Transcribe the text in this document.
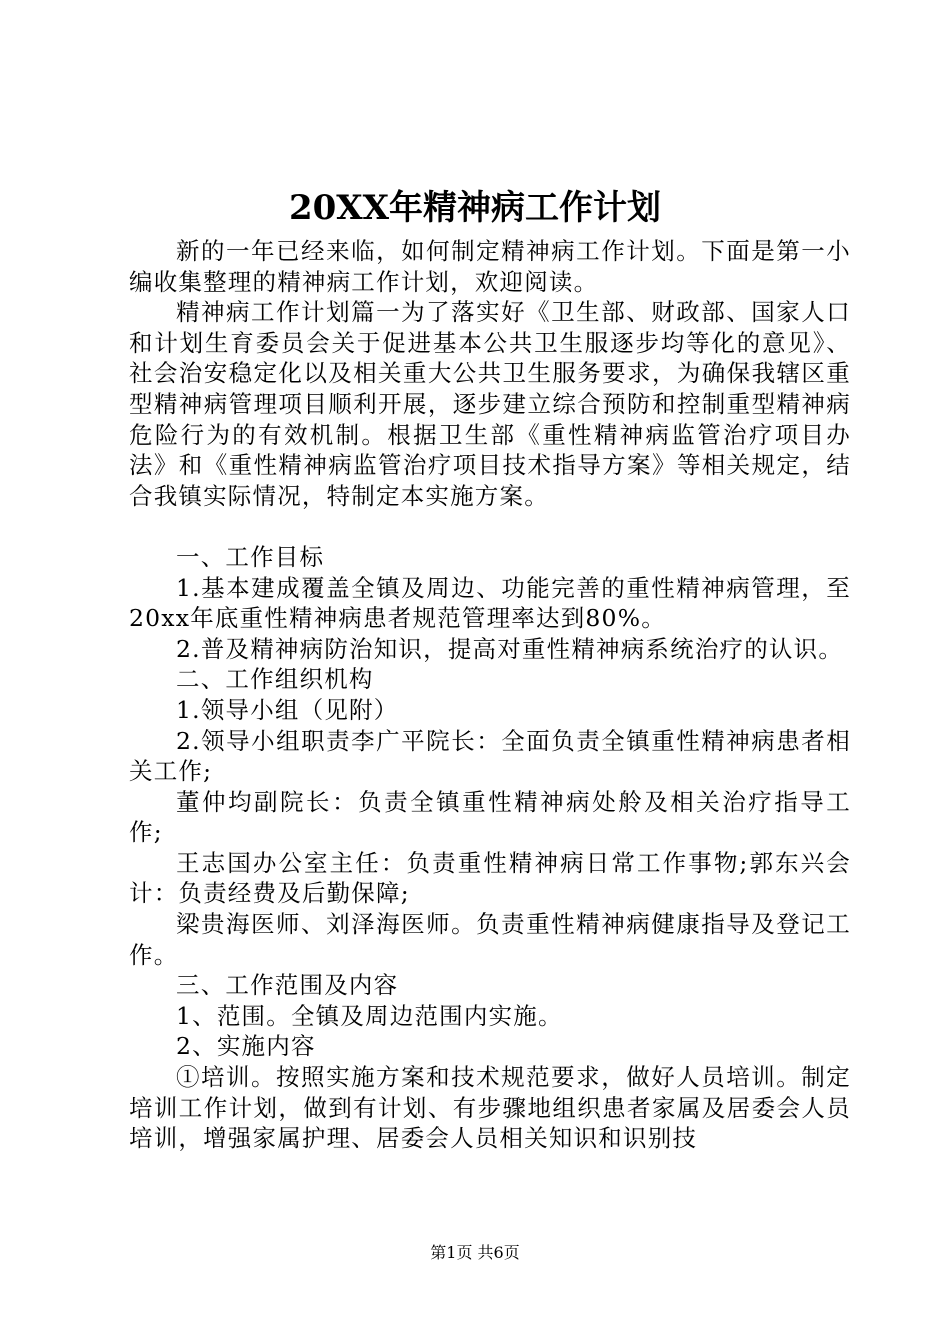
20XX年精神病工作计划

新的一年已经来临，如何制定精神病工作计划。下面是第一小编收集整理的精神病工作计划，欢迎阅读。

精神病工作计划篇一为了落实好《卫生部、财政部、国家人口和计划生育委员会关于促进基本公共卫生服逐步均等化的意见》、社会治安稳定化以及相关重大公共卫生服务要求，为确保我辖区重型精神病管理项目顺利开展，逐步建立综合预防和控制重型精神病危险行为的有效机制。根据卫生部《重性精神病监管治疗项目办法》和《重性精神病监管治疗项目技术指导方案》等相关规定，结合我镇实际情况，特制定本实施方案。

一、工作目标

1.基本建成覆盖全镇及周边、功能完善的重性精神病管理，至20xx年底重性精神病患者规范管理率达到80%。

2.普及精神病防治知识，提高对重性精神病系统治疗的认识。

二、工作组织机构

1.领导小组（见附）

2.领导小组职责李广平院长：全面负责全镇重性精神病患者相关工作;

董仲均副院长：负责全镇重性精神病处舲及相关治疗指导工作;

王志国办公室主任：负责重性精神病日常工作事物;郭东兴会计：负责经费及后勤保障;

梁贵海医师、刘泽海医师。负责重性精神病健康指导及登记工作。

三、工作范围及内容

1、范围。全镇及周边范围内实施。

2、实施内容

①培训。按照实施方案和技术规范要求，做好人员培训。制定培训工作计划，做到有计划、有步骤地组织患者家属及居委会人员培训，增强家属护理、居委会人员相关知识和识别技

第1页 共6页
